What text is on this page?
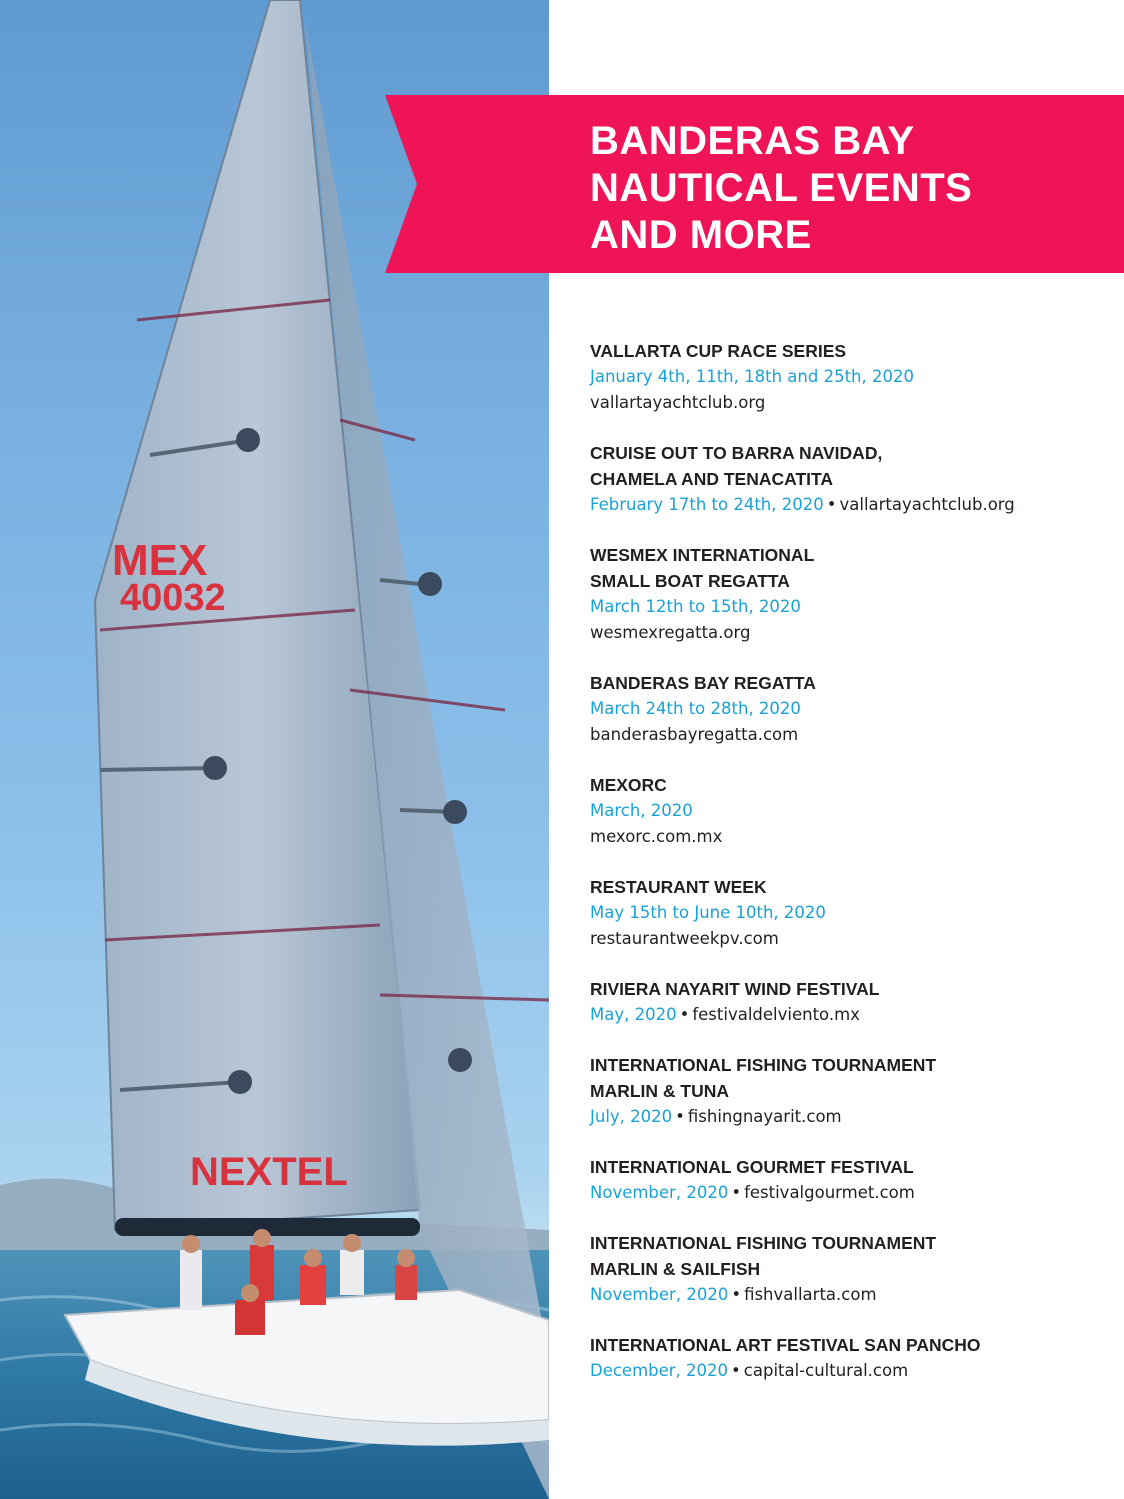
MEX
40032
NEXTEL
BANDERAS BAY
NAUTICAL EVENTS
AND MORE
VALLARTA CUP RACE SERIES
January 4th, 11th, 18th and 25th, 2020
vallartayachtclub.org
CRUISE OUT TO BARRA NAVIDAD,
CHAMELA AND TENACATITA
February 17th to 24th, 2020 • vallartayachtclub.org
WESMEX INTERNATIONAL
SMALL BOAT REGATTA
March 12th to 15th, 2020
wesmexregatta.org
BANDERAS BAY REGATTA
March 24th to 28th, 2020
banderasbayregatta.com
MEXORC
March, 2020
mexorc.com.mx
RESTAURANT WEEK
May 15th to June 10th, 2020
restaurantweekpv.com
RIVIERA NAYARIT WIND FESTIVAL
May, 2020 • festivaldelviento.mx
INTERNATIONAL FISHING TOURNAMENT
MARLIN & TUNA
July, 2020 • fishingnayarit.com
INTERNATIONAL GOURMET FESTIVAL
November, 2020 • festivalgourmet.com
INTERNATIONAL FISHING TOURNAMENT
MARLIN & SAILFISH
November, 2020 • fishvallarta.com
INTERNATIONAL ART FESTIVAL SAN PANCHO
December, 2020 • capital-cultural.com
